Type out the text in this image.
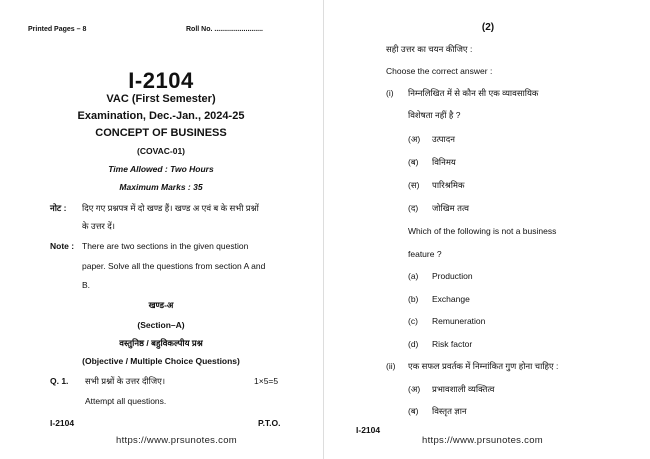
Printed Pages – 8	Roll No. .........................
I-2104
VAC (First Semester)
Examination, Dec.-Jan., 2024-25
CONCEPT OF BUSINESS
(COVAC-01)
Time Allowed : Two Hours
Maximum Marks : 35
नोट : दिए गए प्रश्नपत्र में दो खण्ड हैं। खण्ड अ एवं ब के सभी प्रश्नों
के उत्तर दें।
Note : There are two sections in the given question
paper. Solve all the questions from section A and
B.
खण्ड-अ
(Section–A)
वस्तुनिष्ठ / बहुविकल्पीय प्रश्न
(Objective / Multiple Choice Questions)
Q. 1. सभी प्रश्नों के उत्तर दीजिए।	1×5=5
Attempt all questions.
I-2104	P.T.O.
https://www.prsunotes.com
(2)
सही उत्तर का चयन कीजिए :
Choose the correct answer :
(i) निम्नलिखित में से कौन सी एक व्यावसायिक
विशेषता नहीं है ?
(अ) उत्पादन
(ब) विनिमय
(स) पारिश्रमिक
(द) जोखिम तत्व
Which of the following is not a business
feature ?
(a) Production
(b) Exchange
(c) Remuneration
(d) Risk factor
(ii) एक सफल प्रवर्तक में निम्नांकित गुण होना चाहिए :
(अ) प्रभावशाली व्यक्तित्व
(ब) विस्तृत ज्ञान
I-2104
https://www.prsunotes.com
